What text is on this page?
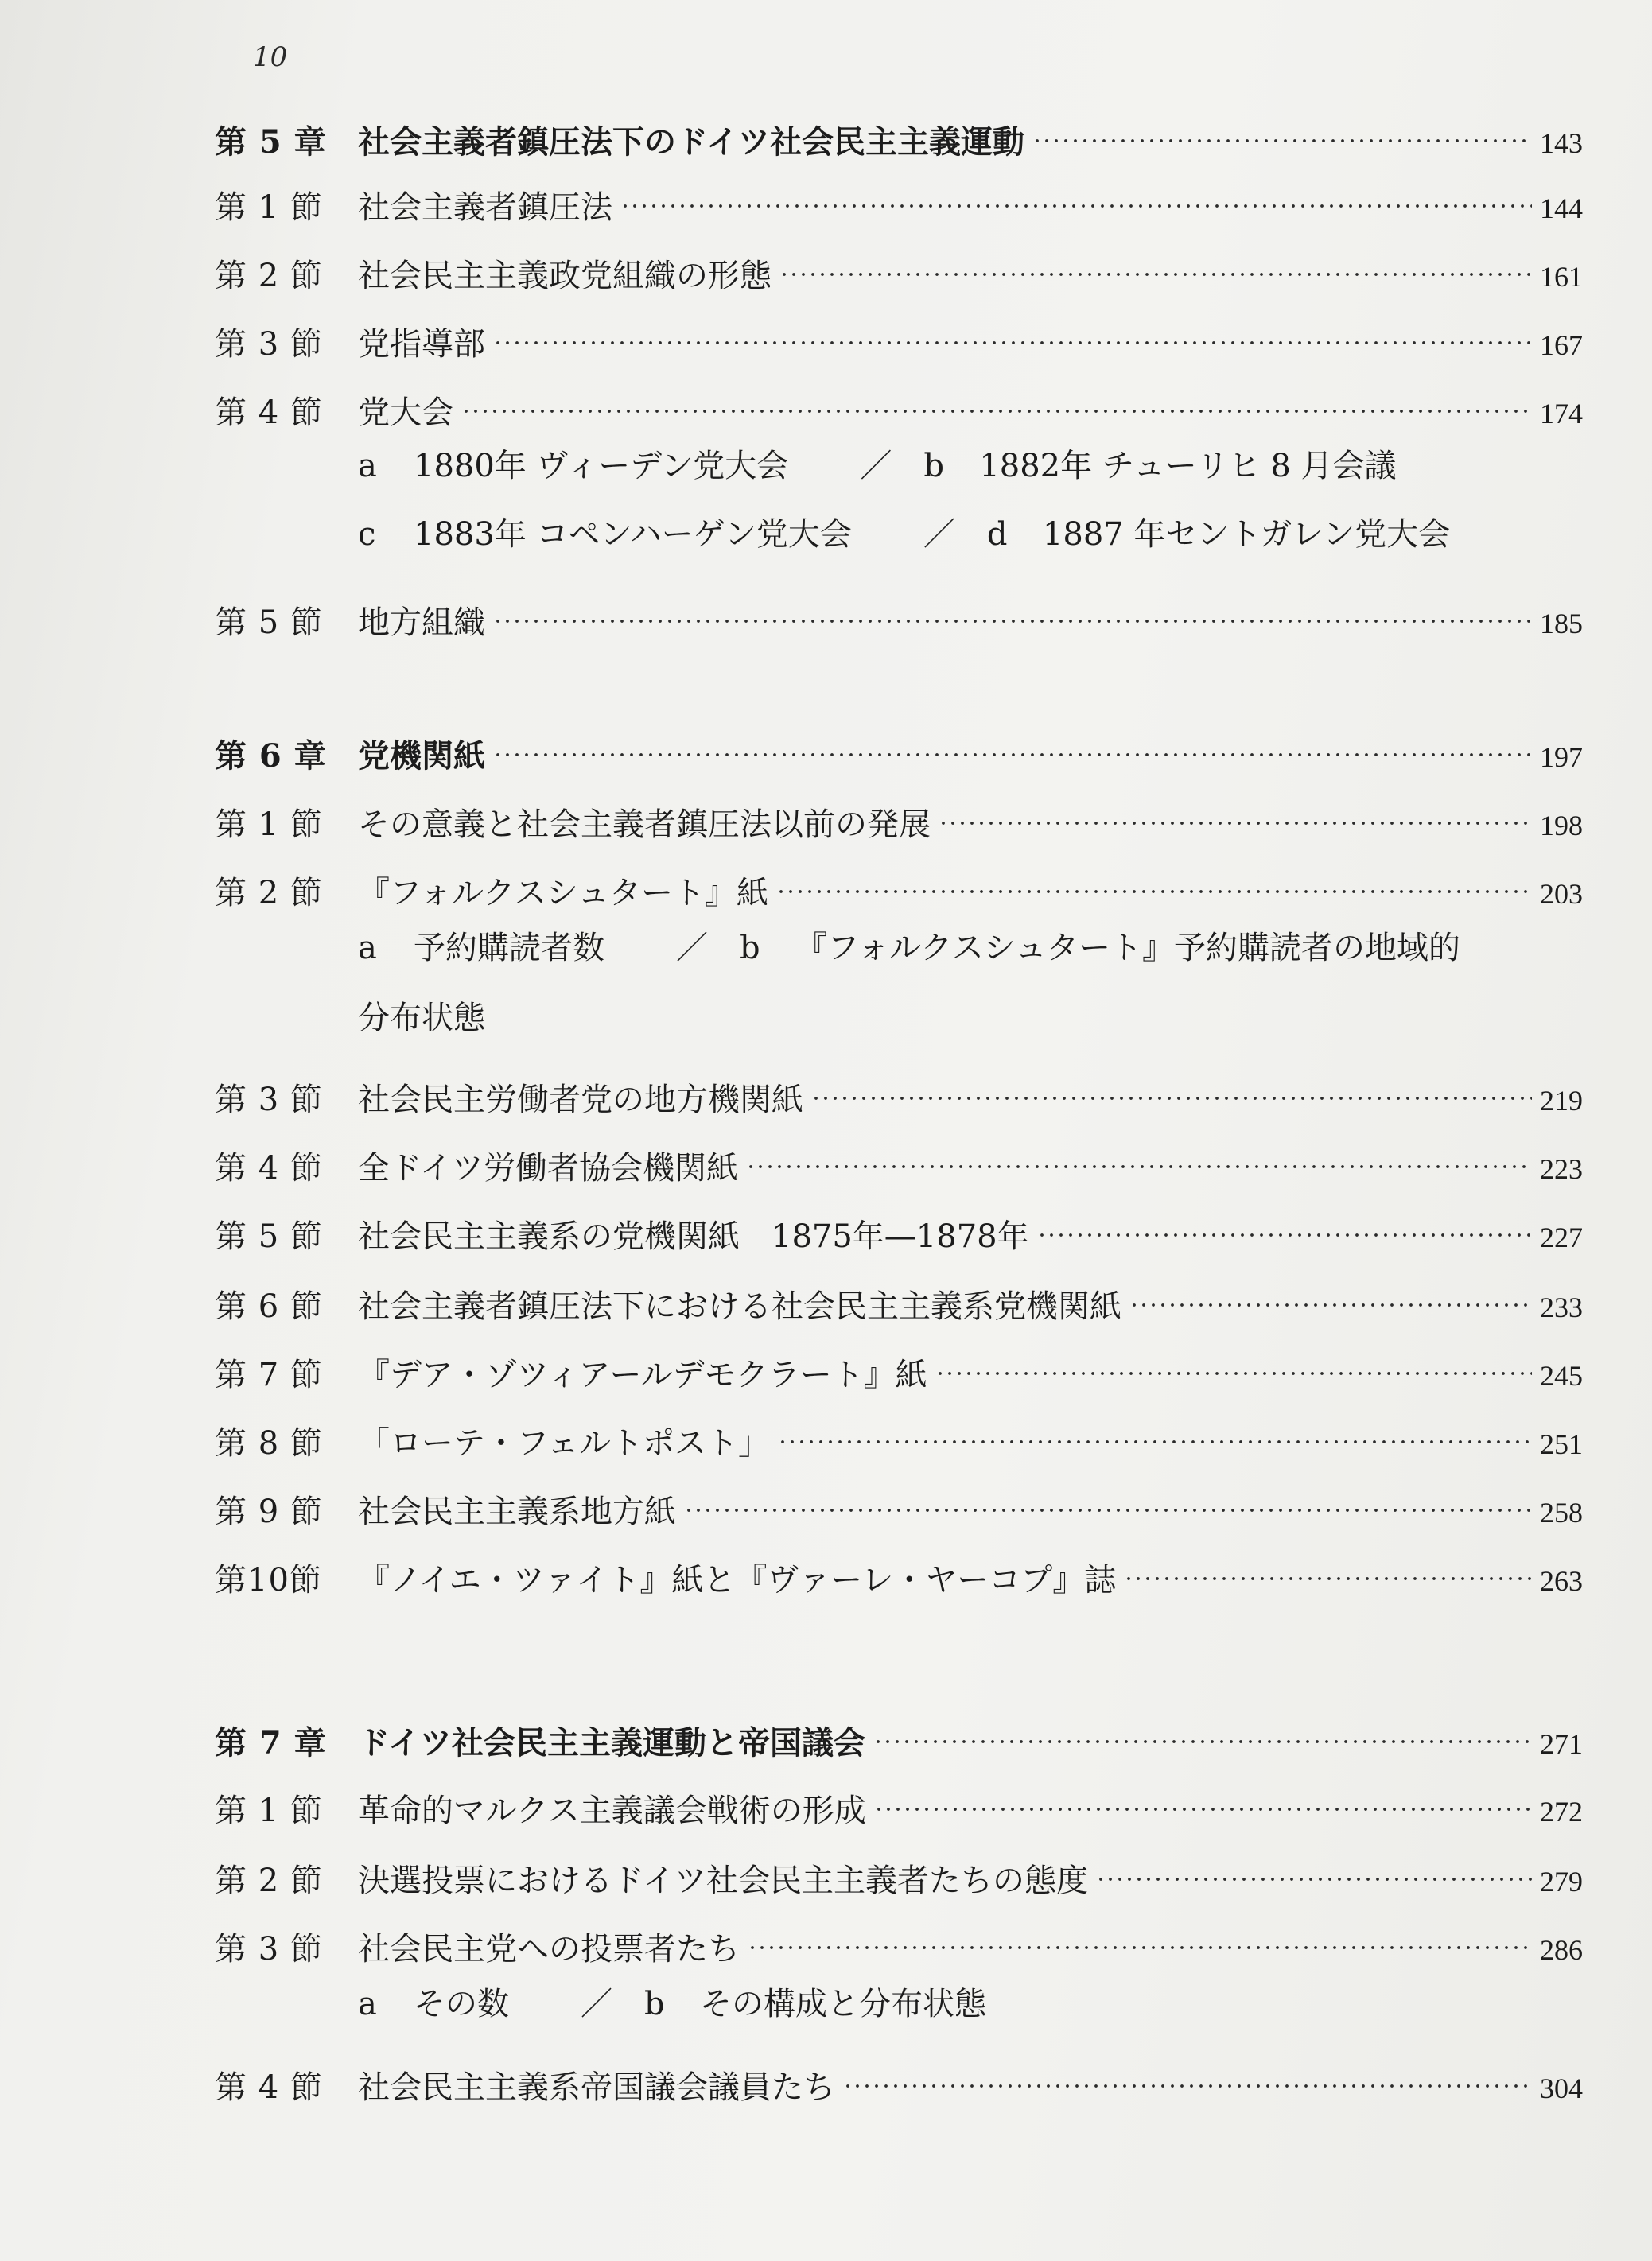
10
第 5 章 社会主義者鎮圧法下のドイツ社会民主主義運動	143
第 1 節	社会主義者鎮圧法	144
第 2 節	社会民主主義政党組織の形態	161
第 3 節	党指導部	167
第 4 節	党大会	174
a 1880年 ヴィーデン党大会 ／ b 1882年 チューリヒ 8 月会議
c 1883年 コペンハーゲン党大会 ／ d 1887 年セントガレン党大会
第 5 節	地方組織	185
第 6 章 党機関紙	197
第 1 節	その意義と社会主義者鎮圧法以前の発展	198
第 2 節	『フォルクスシュタート』紙	203
a 予約購読者数 ／ b 『フォルクスシュタート』予約購読者の地域的
分布状態
第 3 節	社会民主労働者党の地方機関紙	219
第 4 節	全ドイツ労働者協会機関紙	223
第 5 節	社会民主主義系の党機関紙　1875年—1878年	227
第 6 節	社会主義者鎮圧法下における社会民主主義系党機関紙	233
第 7 節	『デア・ゾツィアールデモクラート』紙	245
第 8 節	「ローテ・フェルトポスト」	251
第 9 節	社会民主主義系地方紙	258
第10節	『ノイエ・ツァイト』紙と『ヴァーレ・ヤーコプ』誌	263
第 7 章 ドイツ社会民主主義運動と帝国議会	271
第 1 節	革命的マルクス主義議会戦術の形成	272
第 2 節	決選投票におけるドイツ社会民主主義者たちの態度	279
第 3 節	社会民主党への投票者たち	286
a その数 ／ b その構成と分布状態
第 4 節	社会民主主義系帝国議会議員たち	304
